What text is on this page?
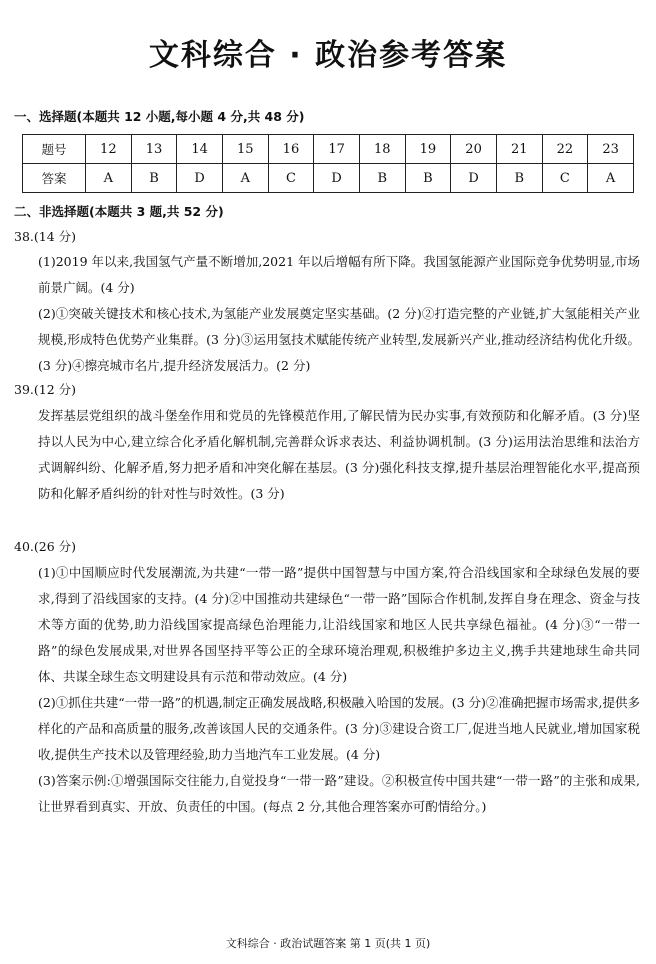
文科综合 · 政治参考答案
一、选择题(本题共 12 小题,每小题 4 分,共 48 分)
题号	12	13	14	15	16	17	18	19	20	21	22	23
答案	A	B	D	A	C	D	B	B	D	B	C	A
二、非选择题(本题共 3 题,共 52 分)
38.(14 分)

(1)2019 年以来,我国氢气产量不断增加,2021 年以后增幅有所下降。我国氢能源产业国际竞争优势明显,市场前景广阔。(4 分)

(2)①突破关键技术和核心技术,为氢能产业发展奠定坚实基础。(2 分)②打造完整的产业链,扩大氢能相关产业规模,形成特色优势产业集群。(3 分)③运用氢技术赋能传统产业转型,发展新兴产业,推动经济结构优化升级。(3 分)④擦亮城市名片,提升经济发展活力。(2 分)

39.(12 分)

发挥基层党组织的战斗堡垒作用和党员的先锋模范作用,了解民情为民办实事,有效预防和化解矛盾。(3 分)坚持以人民为中心,建立综合化矛盾化解机制,完善群众诉求表达、利益协调机制。(3 分)运用法治思维和法治方式调解纠纷、化解矛盾,努力把矛盾和冲突化解在基层。(3 分)强化科技支撑,提升基层治理智能化水平,提高预防和化解矛盾纠纷的针对性与时效性。(3 分)

40.(26 分)

(1)①中国顺应时代发展潮流,为共建“一带一路”提供中国智慧与中国方案,符合沿线国家和全球绿色发展的要求,得到了沿线国家的支持。(4 分)②中国推动共建绿色“一带一路”国际合作机制,发挥自身在理念、资金与技术等方面的优势,助力沿线国家提高绿色治理能力,让沿线国家和地区人民共享绿色福祉。(4 分)③“一带一路”的绿色发展成果,对世界各国坚持平等公正的全球环境治理观,积极维护多边主义,携手共建地球生命共同体、共谋全球生态文明建设具有示范和带动效应。(4 分)

(2)①抓住共建“一带一路”的机遇,制定正确发展战略,积极融入哈国的发展。(3 分)②准确把握市场需求,提供多样化的产品和高质量的服务,改善该国人民的交通条件。(3 分)③建设合资工厂,促进当地人民就业,增加国家税收,提供生产技术以及管理经验,助力当地汽车工业发展。(4 分)

(3)答案示例:①增强国际交往能力,自觉投身“一带一路”建设。②积极宣传中国共建“一带一路”的主张和成果,让世界看到真实、开放、负责任的中国。(每点 2 分,其他合理答案亦可酌情给分。)

文科综合 · 政治试题答案 第 1 页(共 1 页)
